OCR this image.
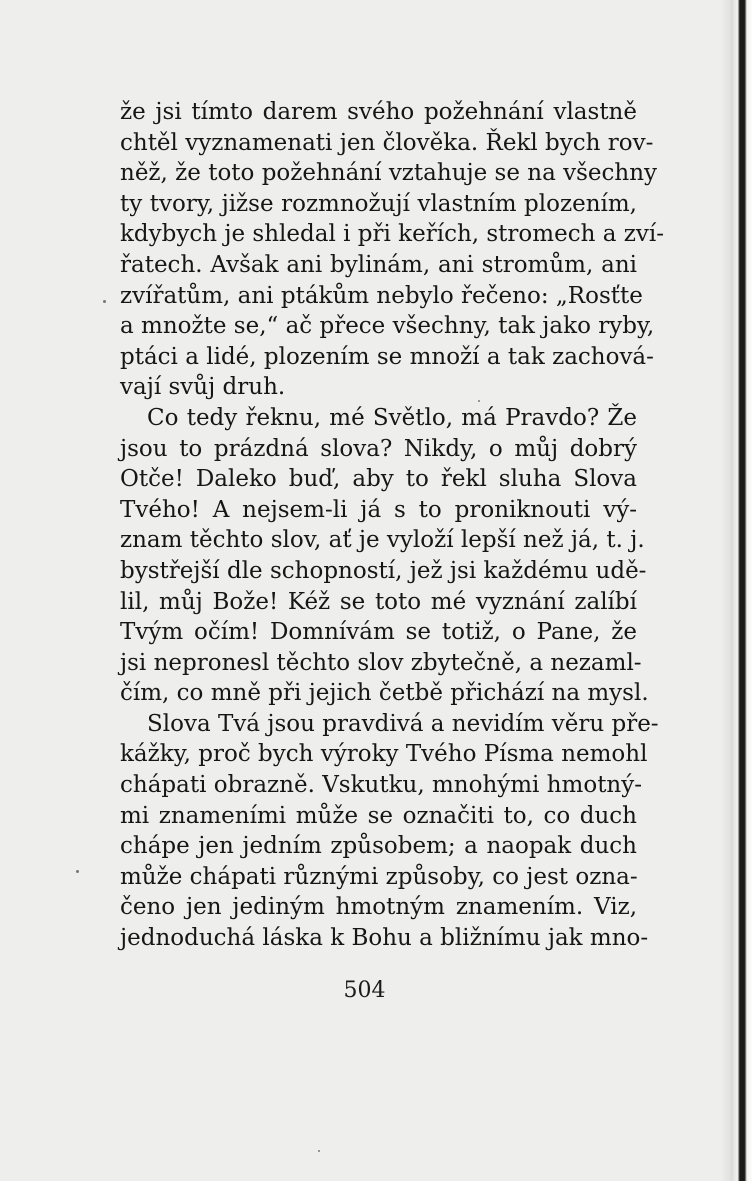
že jsi tímto darem svého požehnání vlastně
chtěl vyznamenati jen člověka. Řekl bych rov-
něž, že toto požehnání vztahuje se na všechny
ty tvory, jižse rozmnožují vlastním plozením,
kdybych je shledal i při keřích, stromech a zví-
řatech. Avšak ani bylinám, ani stromům, ani
zvířatům, ani ptákům nebylo řečeno: „Rosťte
a množte se,“ ač přece všechny, tak jako ryby,
ptáci a lidé, plozením se množí a tak zachová-
vají svůj druh.
Co tedy řeknu, mé Světlo, má Pravdo? Že
jsou to prázdná slova? Nikdy, o můj dobrý
Otče! Daleko buď, aby to řekl sluha Slova
Tvého! A nejsem-li já s to proniknouti vý-
znam těchto slov, ať je vyloží lepší než já, t. j.
bystřejší dle schopností, jež jsi každému udě-
lil, můj Bože! Kéž se toto mé vyznání zalíbí
Tvým očím! Domnívám se totiž, o Pane, že
jsi nepronesl těchto slov zbytečně, a nezaml-
čím, co mně při jejich četbě přichází na mysl.
Slova Tvá jsou pravdivá a nevidím věru pře-
kážky, proč bych výroky Tvého Písma nemohl
chápati obrazně. Vskutku, mnohými hmotný-
mi znameními může se označiti to, co duch
chápe jen jedním způsobem; a naopak duch
může chápati různými způsoby, co jest ozna-
čeno jen jediným hmotným znamením. Viz,
jednoduchá láska k Bohu a bližnímu jak mno-
504
